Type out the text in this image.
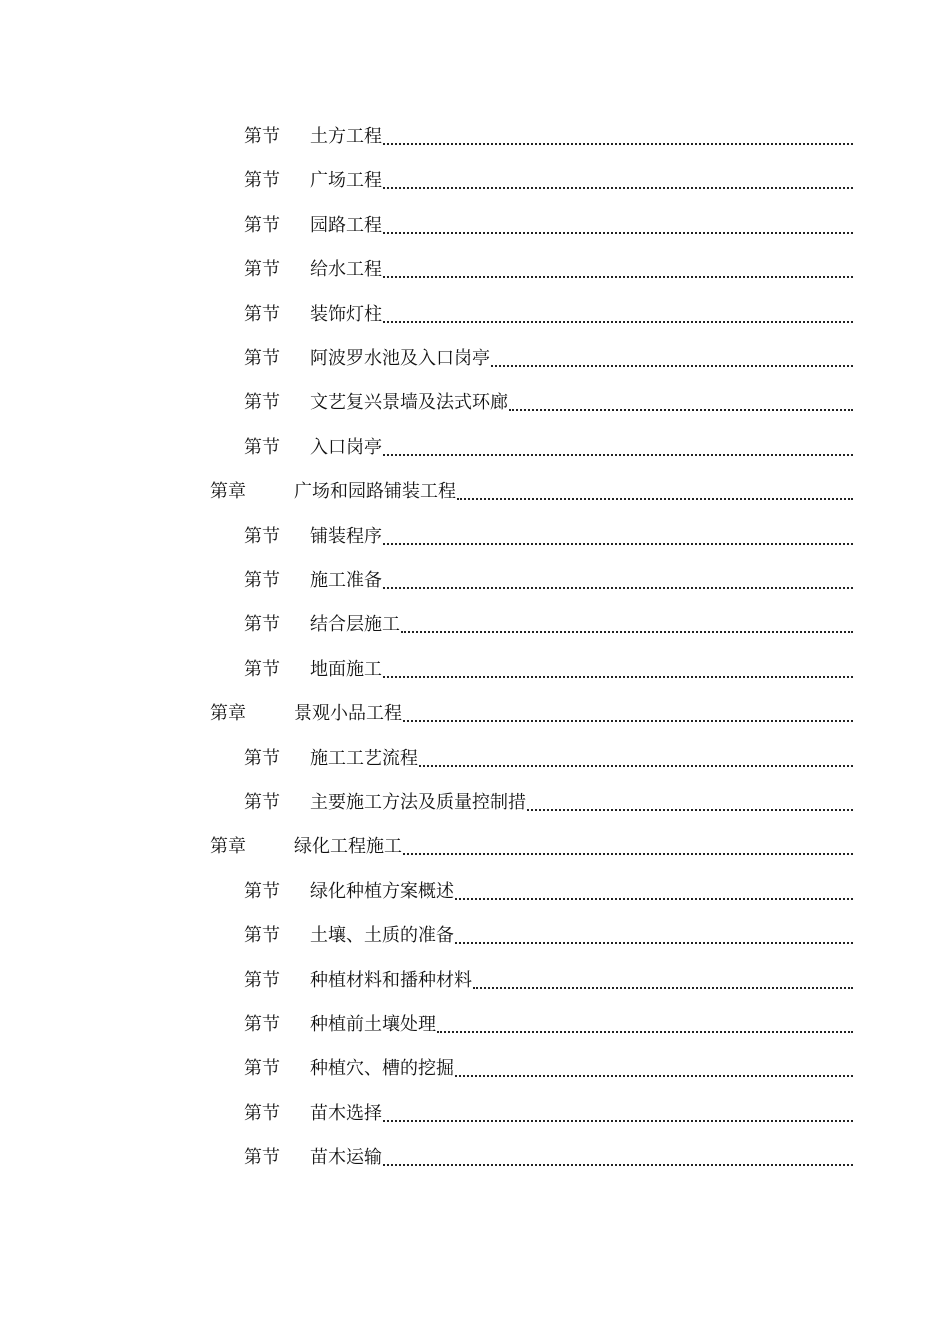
第节	土方工程
第节	广场工程
第节	园路工程
第节	给水工程
第节	装饰灯柱
第节	阿波罗水池及入口岗亭
第节	文艺复兴景墙及法式环廊
第节	入口岗亭
第章	广场和园路铺装工程
第节	铺装程序
第节	施工准备
第节	结合层施工
第节	地面施工
第章	景观小品工程
第节	施工工艺流程
第节	主要施工方法及质量控制措
第章	绿化工程施工
第节	绿化种植方案概述
第节	土壤、土质的准备
第节	种植材料和播种材料
第节	种植前土壤处理
第节	种植穴、槽的挖掘
第节	苗木选择
第节	苗木运输
